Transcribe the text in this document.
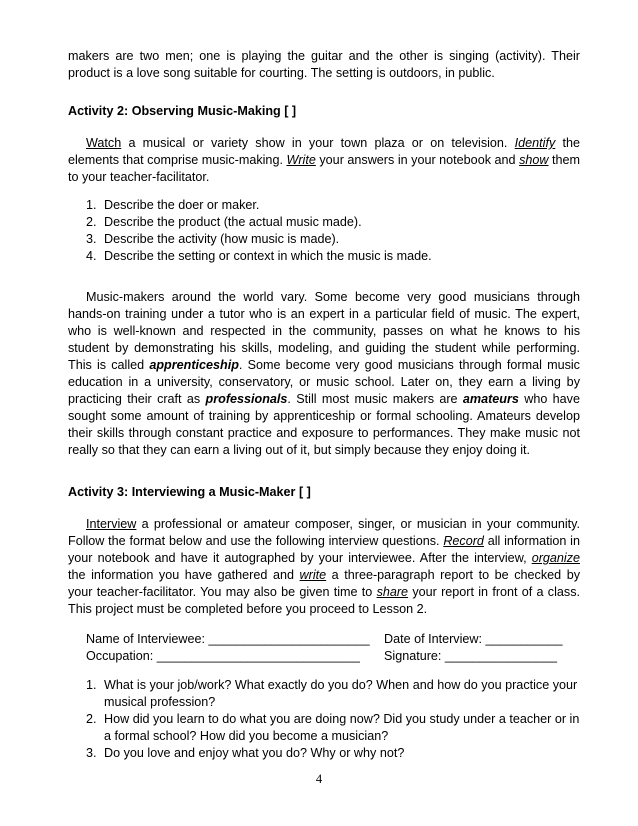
makers are two men; one is playing the guitar and the other is singing (activity). Their product is a love song suitable for courting. The setting is outdoors, in public.

Activity 2: Observing Music-Making [ ]

Watch a musical or variety show in your town plaza or on television. Identify the elements that comprise music-making. Write your answers in your notebook and show them to your teacher-facilitator.

1. Describe the doer or maker.
2. Describe the product (the actual music made).
3. Describe the activity (how music is made).
4. Describe the setting or context in which the music is made.

Music-makers around the world vary. Some become very good musicians through hands-on training under a tutor who is an expert in a particular field of music. The expert, who is well-known and respected in the community, passes on what he knows to his student by demonstrating his skills, modeling, and guiding the student while performing. This is called apprenticeship. Some become very good musicians through formal music education in a university, conservatory, or music school. Later on, they earn a living by practicing their craft as professionals. Still most music makers are amateurs who have sought some amount of training by apprenticeship or formal schooling. Amateurs develop their skills through constant practice and exposure to performances. They make music not really so that they can earn a living out of it, but simply because they enjoy doing it.

Activity 3: Interviewing a Music-Maker [ ]

Interview a professional or amateur composer, singer, or musician in your community. Follow the format below and use the following interview questions. Record all information in your notebook and have it autographed by your interviewee. After the interview, organize the information you have gathered and write a three-paragraph report to be checked by your teacher-facilitator. You may also be given time to share your report in front of a class. This project must be completed before you proceed to Lesson 2.

Name of Interviewee: _______________________	Date of Interview: ___________
Occupation: _____________________________	Signature: ________________
1. What is your job/work? What exactly do you do? When and how do you practice your musical profession?
2. How did you learn to do what you are doing now? Did you study under a teacher or in a formal school? How did you become a musician?
3. Do you love and enjoy what you do? Why or why not?
4
